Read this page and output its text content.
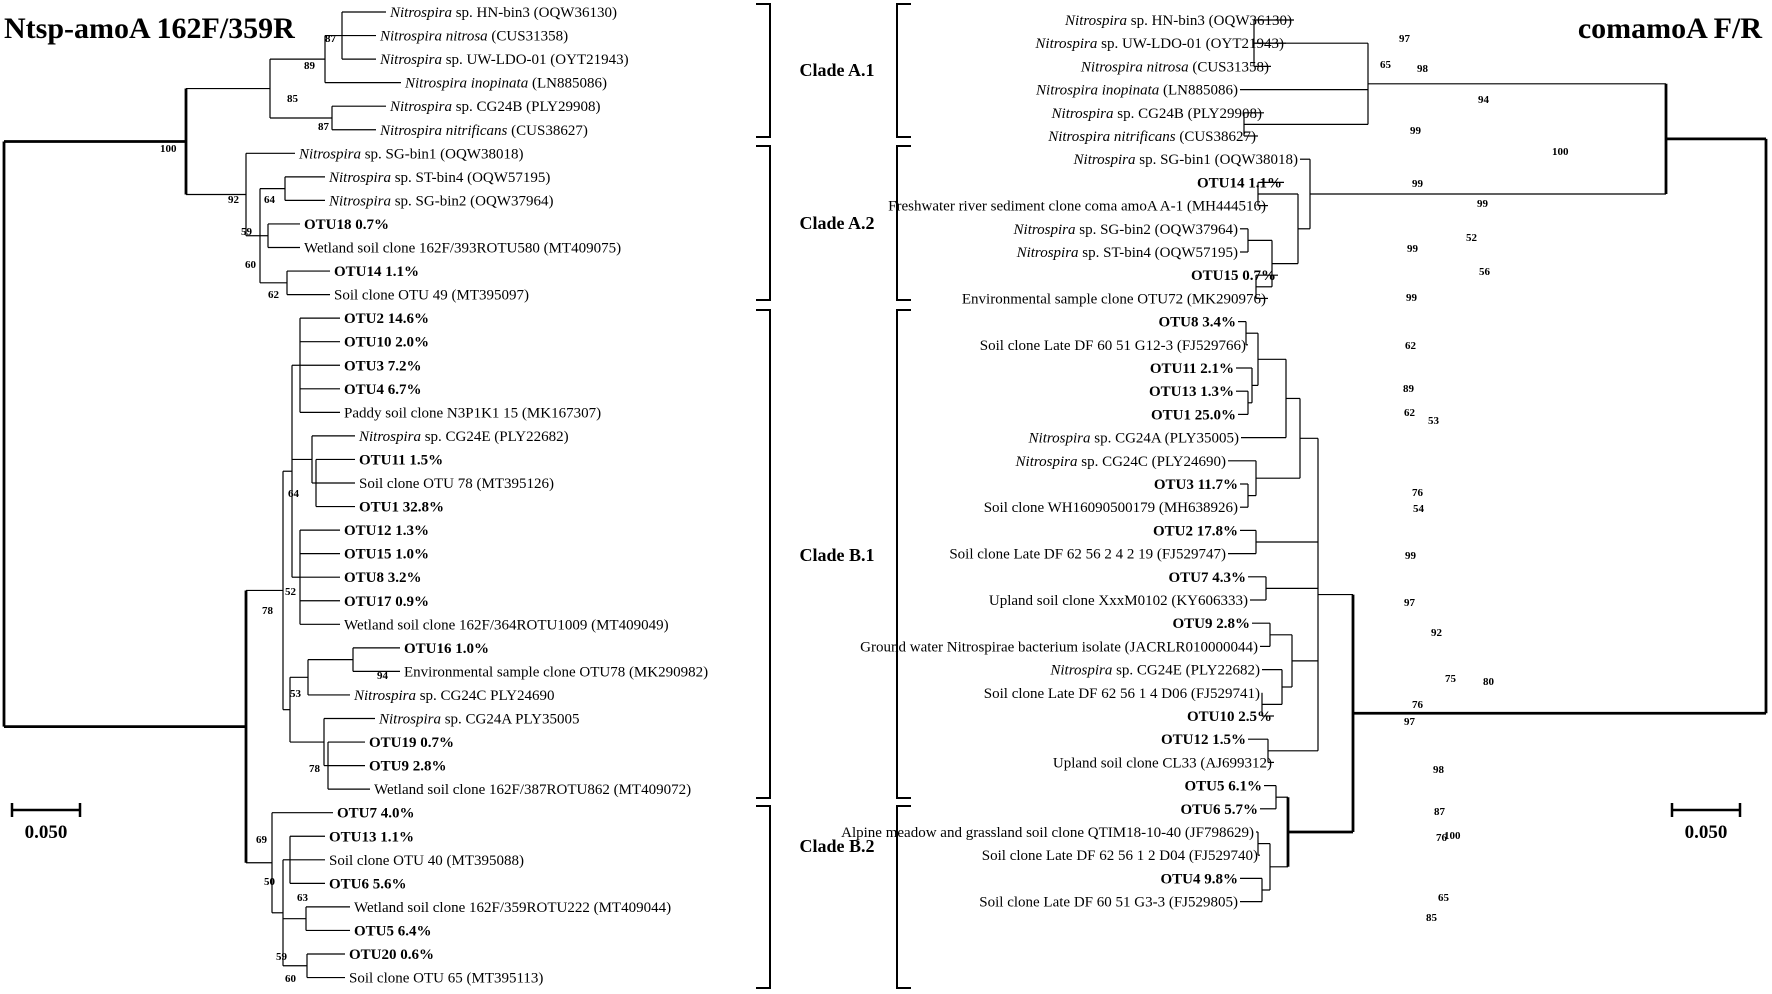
Ntsp-amoA 162F/359R	comamoA F/R
Nitrospira sp. HN-bin3 (OQW36130)
Nitrospira nitrosa (CUS31358)
Nitrospira sp. UW-LDO-01 (OYT21943)
Nitrospira inopinata (LN885086)
Nitrospira sp. CG24B (PLY29908)
Nitrospira nitrificans (CUS38627)
Nitrospira sp. SG-bin1 (OQW38018)
Nitrospira sp. ST-bin4 (OQW57195)
Nitrospira sp. SG-bin2 (OQW37964)
OTU18 0.7%
Wetland soil clone 162F/393ROTU580 (MT409075)
OTU14 1.1%
Soil clone OTU 49 (MT395097)
OTU2 14.6%
OTU10 2.0%
OTU3 7.2%
OTU4 6.7%
Paddy soil clone N3P1K1 15 (MK167307)
Nitrospira sp. CG24E (PLY22682)
OTU11 1.5%
Soil clone OTU 78 (MT395126)
OTU1 32.8%
OTU12 1.3%
OTU15 1.0%
OTU8 3.2%
OTU17 0.9%
Wetland soil clone 162F/364ROTU1009 (MT409049)
OTU16 1.0%
Environmental sample clone OTU78 (MK290982)
Nitrospira sp. CG24C PLY24690
Nitrospira sp. CG24A PLY35005
OTU19 0.7%
OTU9 2.8%
Wetland soil clone 162F/387ROTU862 (MT409072)
OTU7 4.0%
OTU13 1.1%
Soil clone OTU 40 (MT395088)
OTU6 5.6%
Wetland soil clone 162F/359ROTU222 (MT409044)
OTU5 6.4%
OTU20 0.6%
Soil clone OTU 65 (MT395113)
Nitrospira sp. HN-bin3 (OQW36130)
Nitrospira sp. UW-LDO-01 (OYT21943)
Nitrospira nitrosa (CUS31358)
Nitrospira inopinata (LN885086)
Nitrospira sp. CG24B (PLY29908)
Nitrospira nitrificans (CUS38627)
Nitrospira sp. SG-bin1 (OQW38018)
OTU14 1.1%
Freshwater river sediment clone coma amoA A-1 (MH444516)
Nitrospira sp. SG-bin2 (OQW37964)
Nitrospira sp. ST-bin4 (OQW57195)
OTU15 0.7%
Environmental sample clone OTU72 (MK290976)
OTU8 3.4%
Soil clone Late DF 60 51 G12-3 (FJ529766)
OTU11 2.1%
OTU13 1.3%
OTU1 25.0%
Nitrospira sp. CG24A (PLY35005)
Nitrospira sp. CG24C (PLY24690)
OTU3 11.7%
Soil clone WH16090500179 (MH638926)
OTU2 17.8%
Soil clone Late DF 62 56 2 4 2 19 (FJ529747)
OTU7 4.3%
Upland soil clone XxxM0102 (KY606333)
OTU9 2.8%
Ground water Nitrospirae bacterium isolate (JACRLR010000044)
Nitrospira sp. CG24E (PLY22682)
Soil clone Late DF 62 56 1 4 D06 (FJ529741)
OTU10 2.5%
OTU12 1.5%
Upland soil clone CL33 (AJ699312)
OTU5 6.1%
OTU6 5.7%
Alpine meadow and grassland soil clone QTIM18-10-40 (JF798629)
Soil clone Late DF 62 56 1 2 D04 (FJ529740)
OTU4 9.8%
Soil clone Late DF 60 51 G3-3 (FJ529805)
87
89
85
87
100
92 64
59
60
62
64
52
78
94
53
78
69
50
63
59
60
97
65 98
99
94
100
99
99
52
99
56
99
62
89
62
53
76
54
99
97
92
75 80
76
97
98
87
100
76
65
85
Clade A.1
Clade A.2
Clade B.1
Clade B.2
0.050	0.050
